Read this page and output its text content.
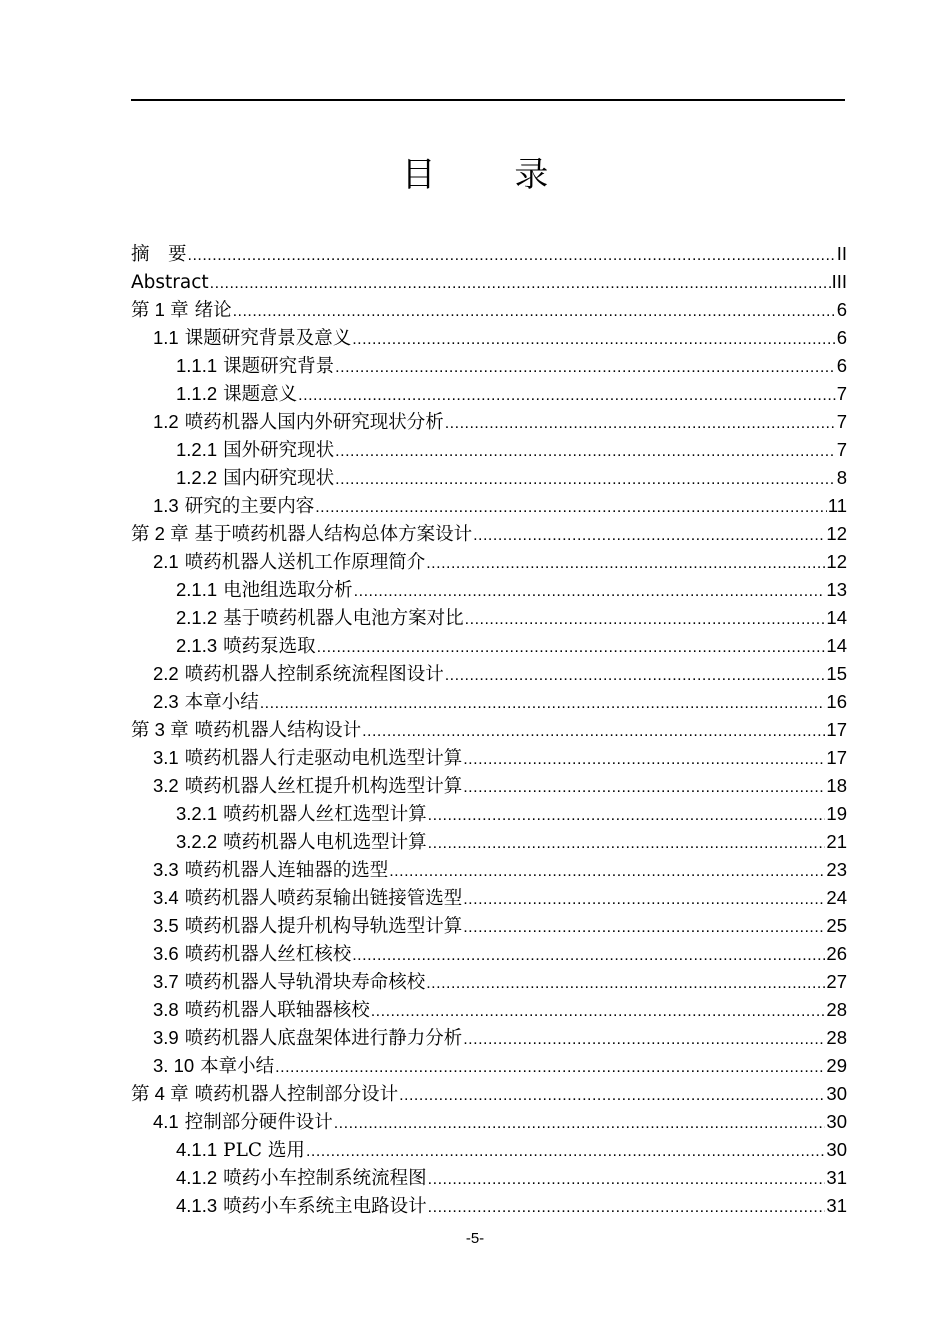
目 录
摘　要 .....	II
Abstract .....	III
第 1 章 绪论 .....	6
1.1 课题研究背景及意义 .....	6
1.1.1 课题研究背景 .....	6
1.1.2 课题意义 .....	7
1.2 喷药机器人国内外研究现状分析 .....	7
1.2.1 国外研究现状 .....	7
1.2.2 国内研究现状 .....	8
1.3 研究的主要内容 .....	11
第 2 章 基于喷药机器人结构总体方案设计 .....	12
2.1 喷药机器人送机工作原理简介 .....	12
2.1.1 电池组选取分析 .....	13
2.1.2 基于喷药机器人电池方案对比 .....	14
2.1.3 喷药泵选取 .....	14
2.2 喷药机器人控制系统流程图设计 .....	15
2.3 本章小结 .....	16
第 3 章 喷药机器人结构设计 .....	17
3.1 喷药机器人行走驱动电机选型计算 .....	17
3.2 喷药机器人丝杠提升机构选型计算 .....	18
3.2.1 喷药机器人丝杠选型计算 .....	19
3.2.2 喷药机器人电机选型计算 .....	21
3.3 喷药机器人连轴器的选型 .....	23
3.4 喷药机器人喷药泵输出链接管选型 .....	24
3.5 喷药机器人提升机构导轨选型计算 .....	25
3.6 喷药机器人丝杠核校 .....	26
3.7 喷药机器人导轨滑块寿命核校 .....	27
3.8 喷药机器人联轴器核校 .....	28
3.9 喷药机器人底盘架体进行静力分析 .....	28
3. 10 本章小结 .....	29
第 4 章 喷药机器人控制部分设计 .....	30
4.1 控制部分硬件设计 .....	30
4.1.1 PLC 选用 .....	30
4.1.2 喷药小车控制系统流程图 .....	31
4.1.3 喷药小车系统主电路设计 .....	31
-5-
